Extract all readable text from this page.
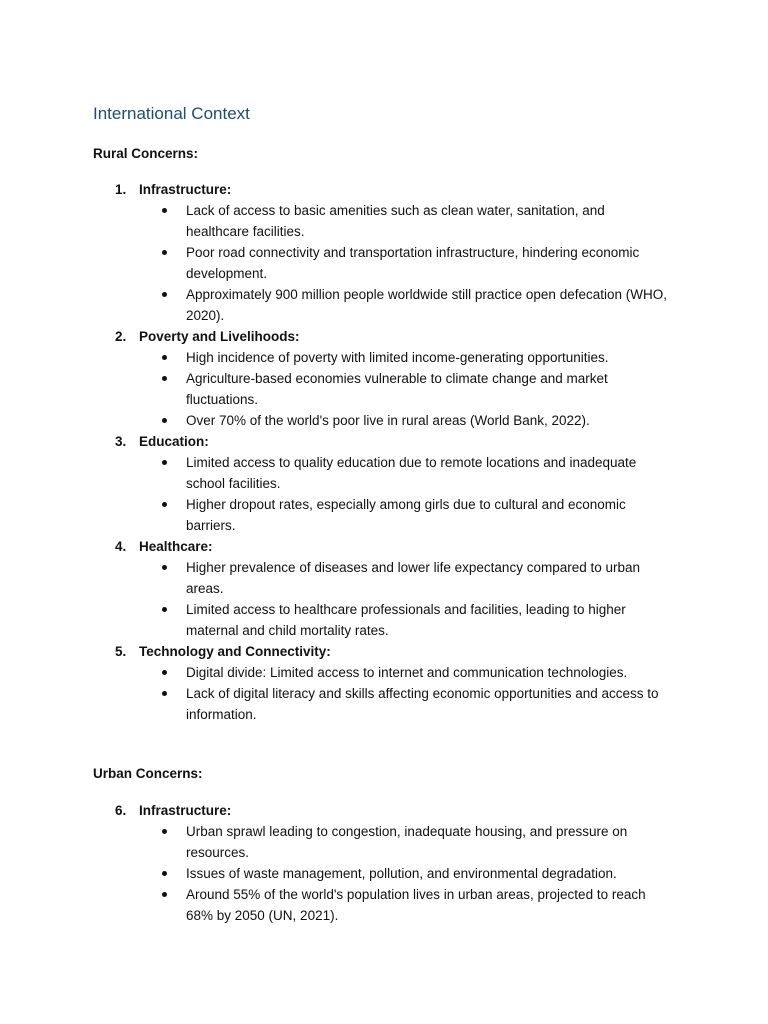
International Context
Rural Concerns:
1. Infrastructure:
Lack of access to basic amenities such as clean water, sanitation, and healthcare facilities.
Poor road connectivity and transportation infrastructure, hindering economic development.
Approximately 900 million people worldwide still practice open defecation (WHO, 2020).
2. Poverty and Livelihoods:
High incidence of poverty with limited income-generating opportunities.
Agriculture-based economies vulnerable to climate change and market fluctuations.
Over 70% of the world's poor live in rural areas (World Bank, 2022).
3. Education:
Limited access to quality education due to remote locations and inadequate school facilities.
Higher dropout rates, especially among girls due to cultural and economic barriers.
4. Healthcare:
Higher prevalence of diseases and lower life expectancy compared to urban areas.
Limited access to healthcare professionals and facilities, leading to higher maternal and child mortality rates.
5. Technology and Connectivity:
Digital divide: Limited access to internet and communication technologies.
Lack of digital literacy and skills affecting economic opportunities and access to information.
Urban Concerns:
6. Infrastructure:
Urban sprawl leading to congestion, inadequate housing, and pressure on resources.
Issues of waste management, pollution, and environmental degradation.
Around 55% of the world's population lives in urban areas, projected to reach 68% by 2050 (UN, 2021).
